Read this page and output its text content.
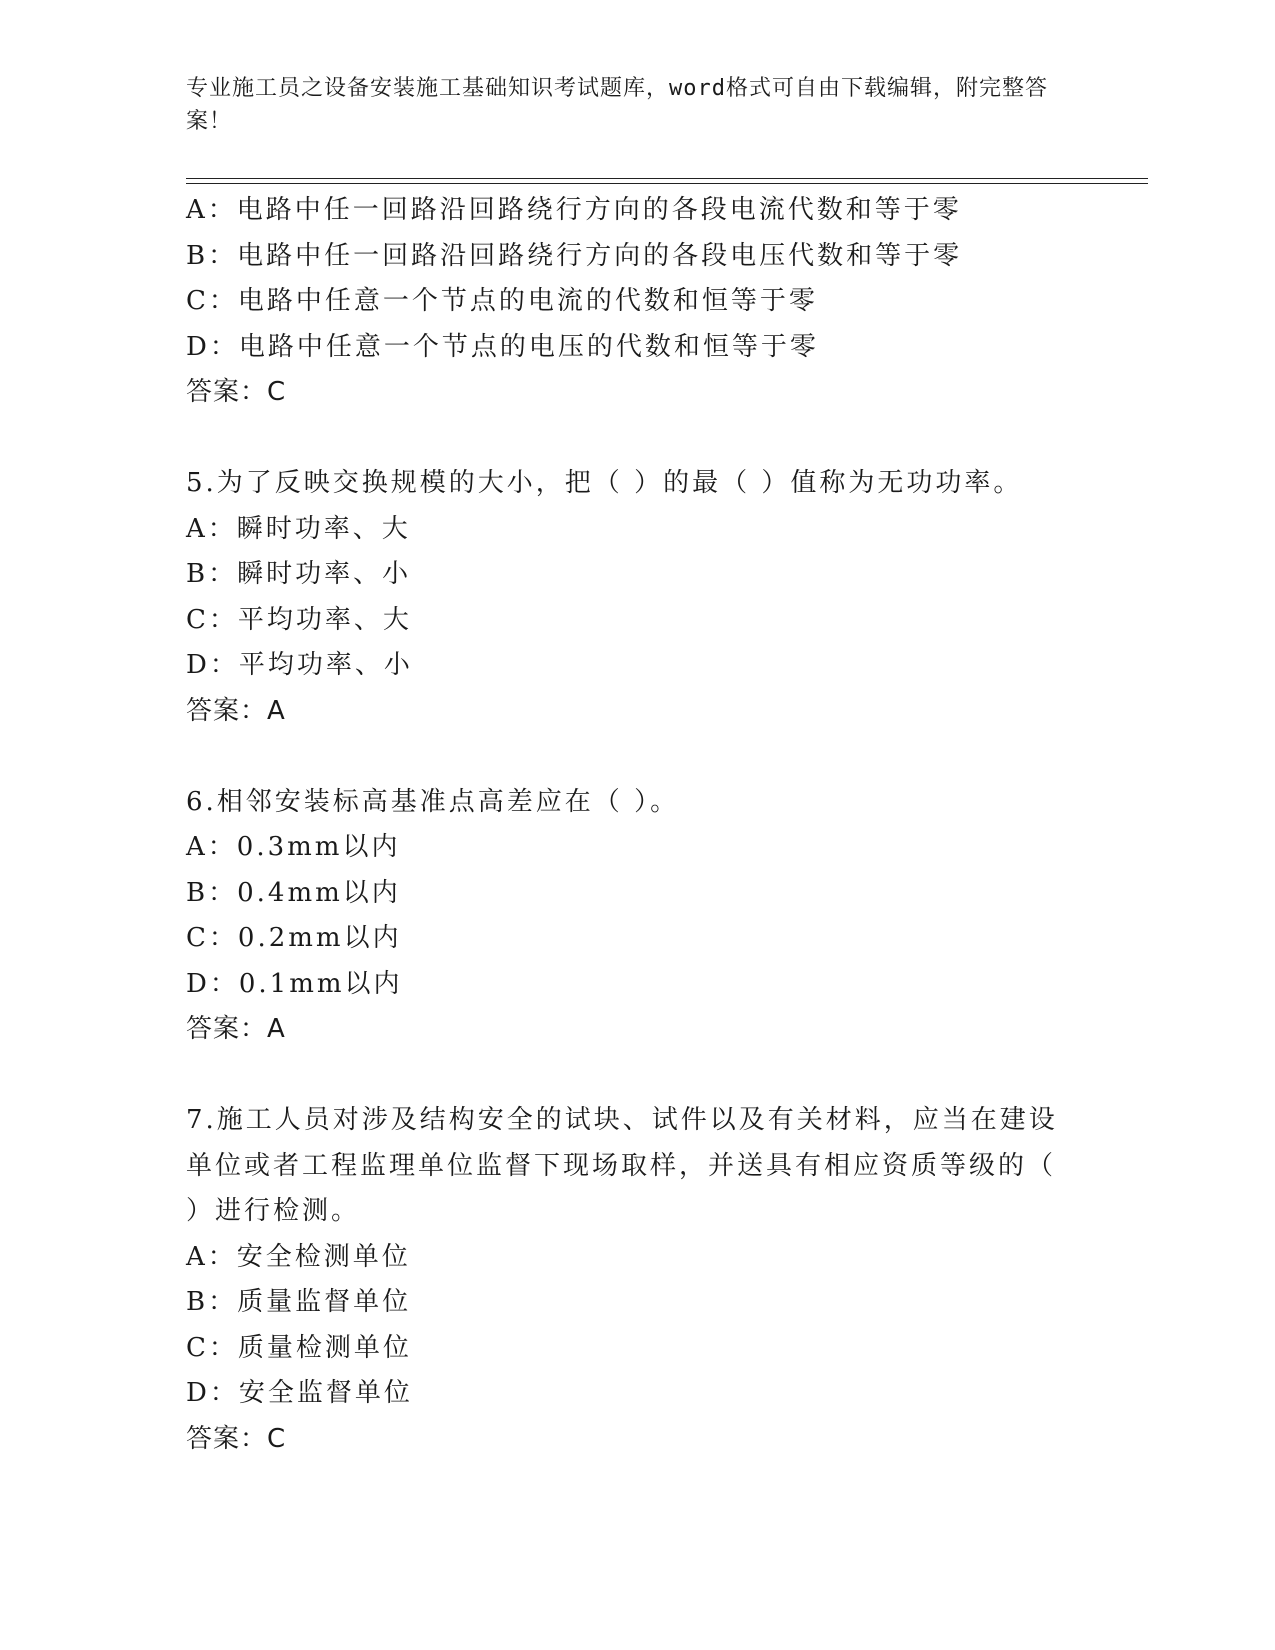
专业施工员之设备安装施工基础知识考试题库，word格式可自由下载编辑，附完整答案！
A：电路中任一回路沿回路绕行方向的各段电流代数和等于零
B：电路中任一回路沿回路绕行方向的各段电压代数和等于零
C：电路中任意一个节点的电流的代数和恒等于零
D：电路中任意一个节点的电压的代数和恒等于零
答案：C
5.为了反映交换规模的大小，把（ ）的最（ ）值称为无功功率。
A：瞬时功率、大
B：瞬时功率、小
C：平均功率、大
D：平均功率、小
答案：A
6.相邻安装标高基准点高差应在（ ）。
A：0.3mm以内
B：0.4mm以内
C：0.2mm以内
D：0.1mm以内
答案：A
7.施工人员对涉及结构安全的试块、试件以及有关材料，应当在建设单位或者工程监理单位监督下现场取样，并送具有相应资质等级的（ ）进行检测。
A：安全检测单位
B：质量监督单位
C：质量检测单位
D：安全监督单位
答案：C
